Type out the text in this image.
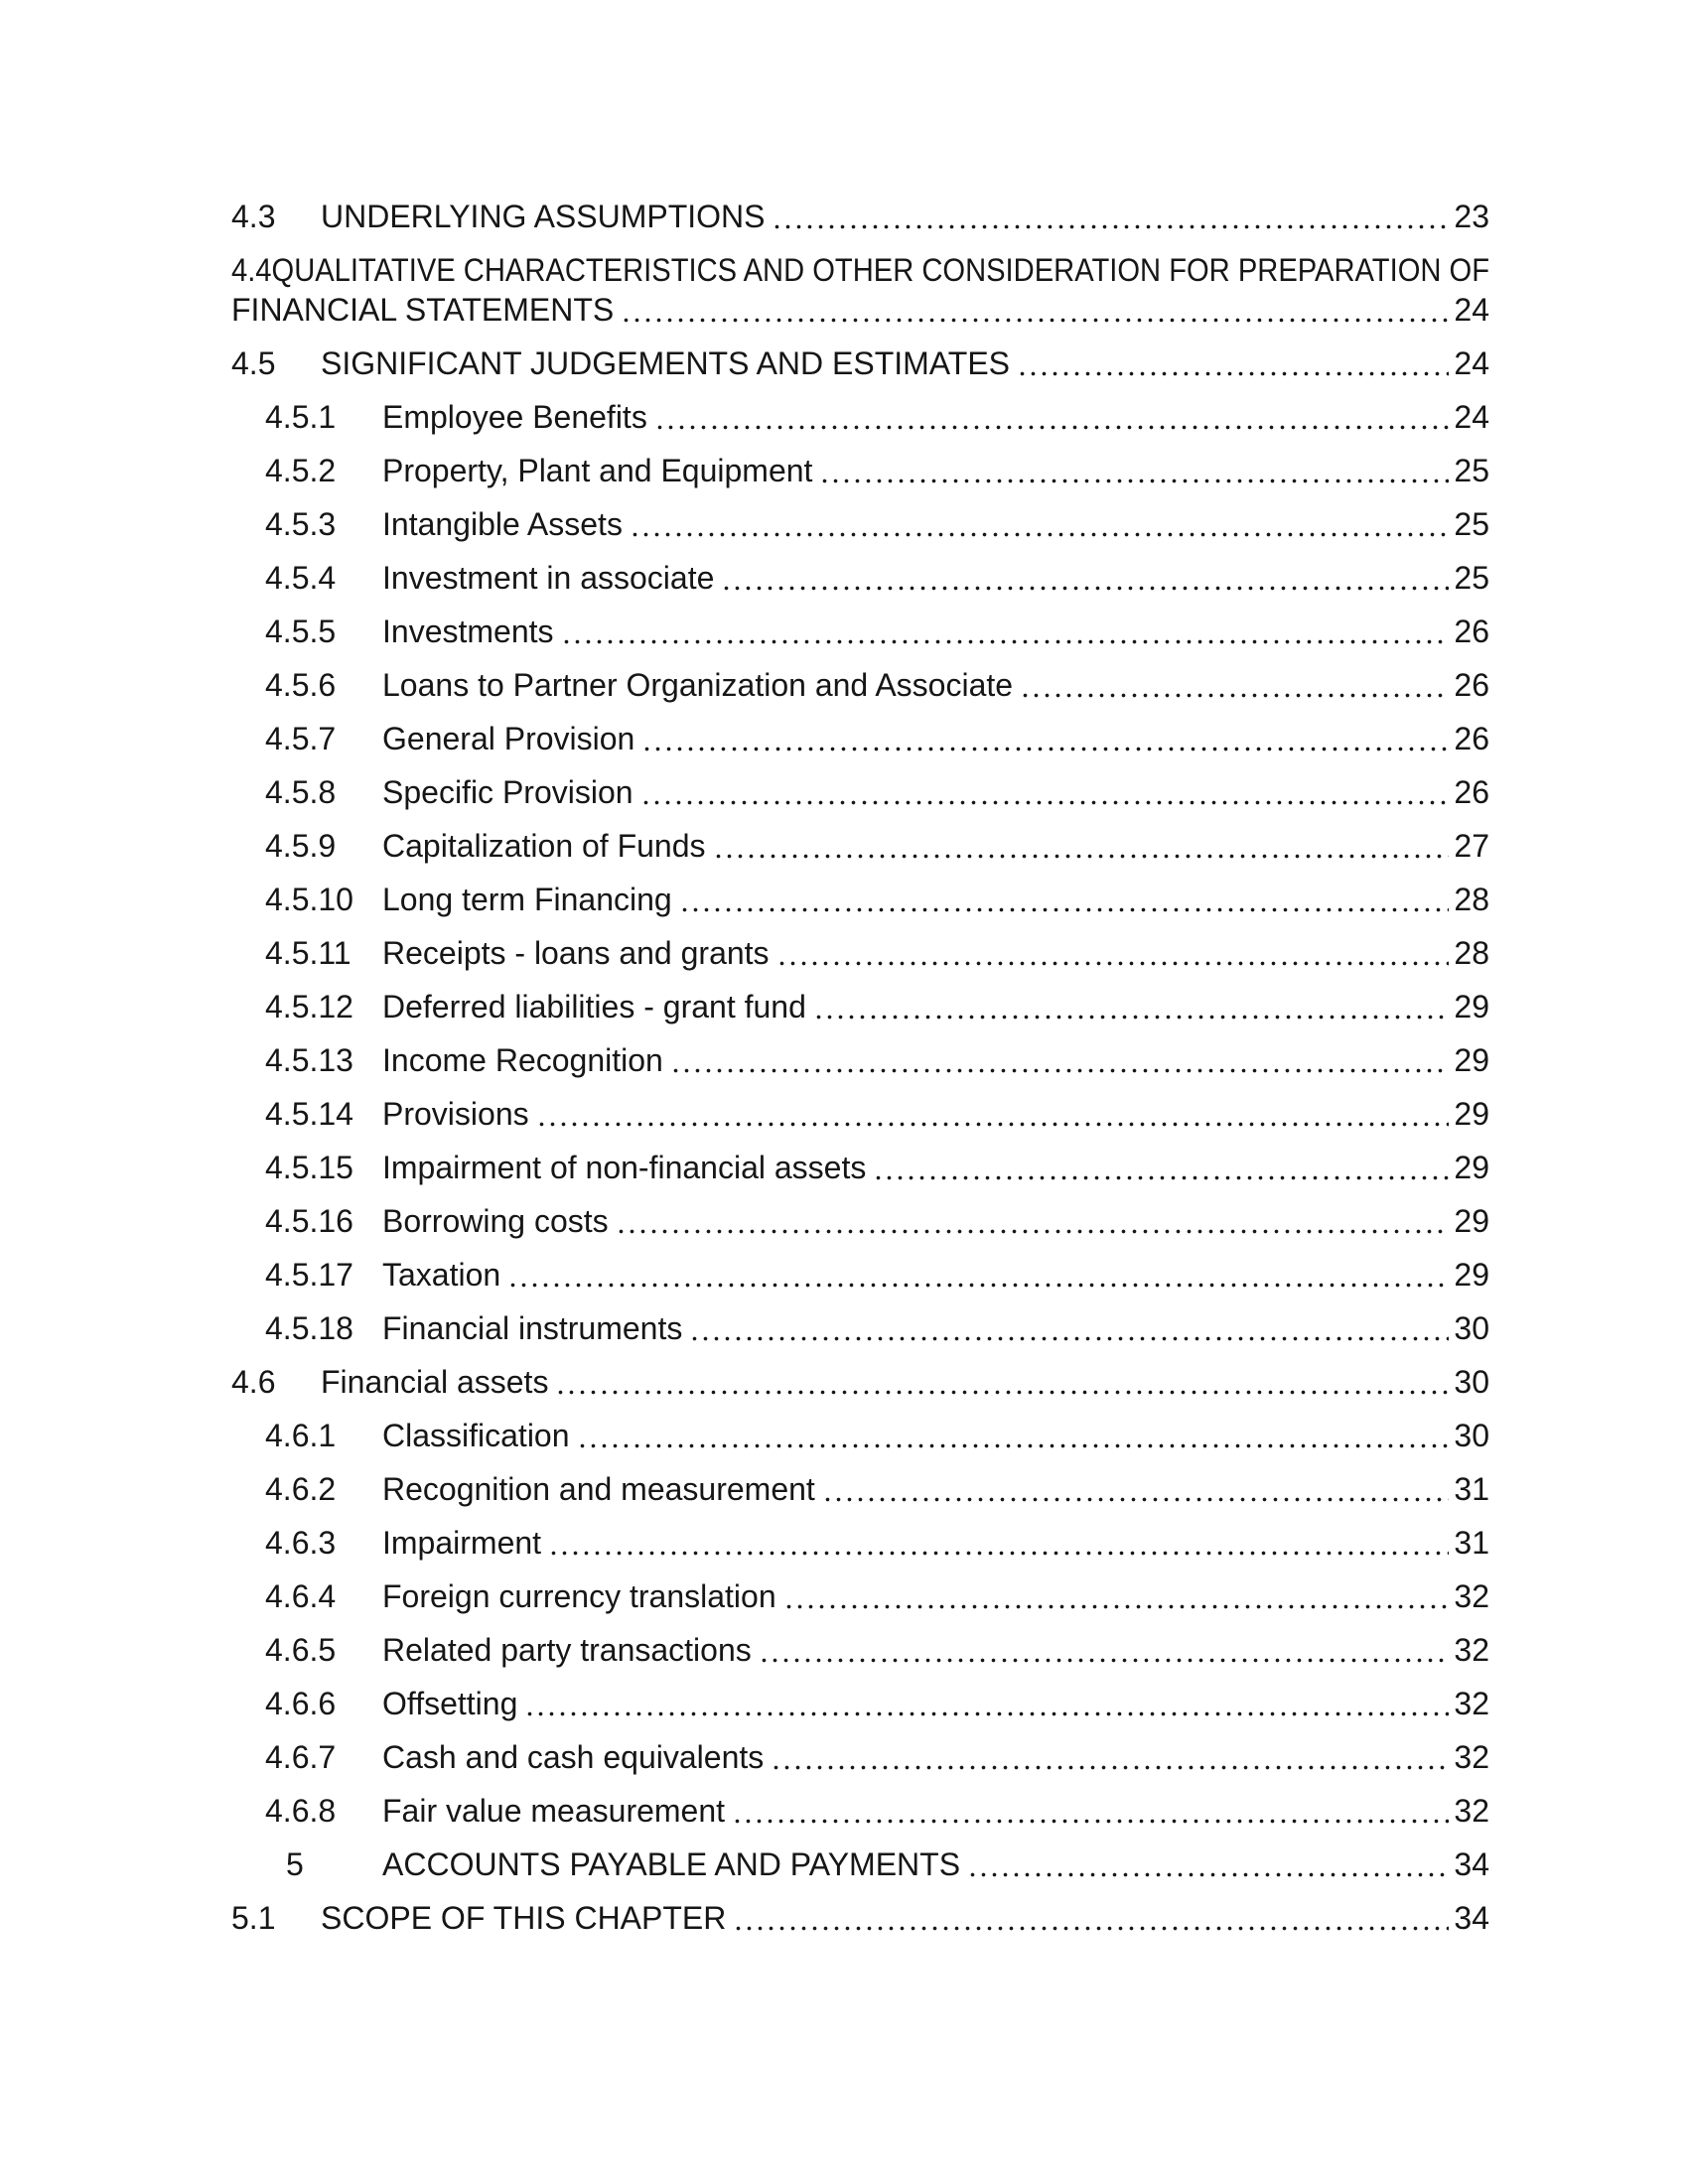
4.3	UNDERLYING ASSUMPTIONS	23
4.4QUALITATIVE CHARACTERISTICS AND OTHER CONSIDERATION FOR PREPARATION OF
FINANCIAL STATEMENTS	24
4.5	SIGNIFICANT JUDGEMENTS AND ESTIMATES	24
4.5.1	Employee Benefits	24
4.5.2	Property, Plant and Equipment	25
4.5.3	Intangible Assets	25
4.5.4	Investment in associate	25
4.5.5	Investments	26
4.5.6	Loans to Partner Organization and Associate	26
4.5.7	General Provision	26
4.5.8	Specific Provision	26
4.5.9	Capitalization of Funds	27
4.5.10 Long term Financing	28
4.5.11 Receipts - loans and grants	28
4.5.12 Deferred liabilities - grant fund	29
4.5.13 Income Recognition	29
4.5.14 Provisions	29
4.5.15 Impairment of non-financial assets	29
4.5.16 Borrowing costs	29
4.5.17 Taxation	29
4.5.18 Financial instruments	30
4.6	Financial assets	30
4.6.1	Classification	30
4.6.2	Recognition and measurement	31
4.6.3	Impairment	31
4.6.4	Foreign currency translation	32
4.6.5	Related party transactions	32
4.6.6	Offsetting	32
4.6.7	Cash and cash equivalents	32
4.6.8	Fair value measurement	32
5	ACCOUNTS PAYABLE AND PAYMENTS	34
5.1	SCOPE OF THIS CHAPTER	34
